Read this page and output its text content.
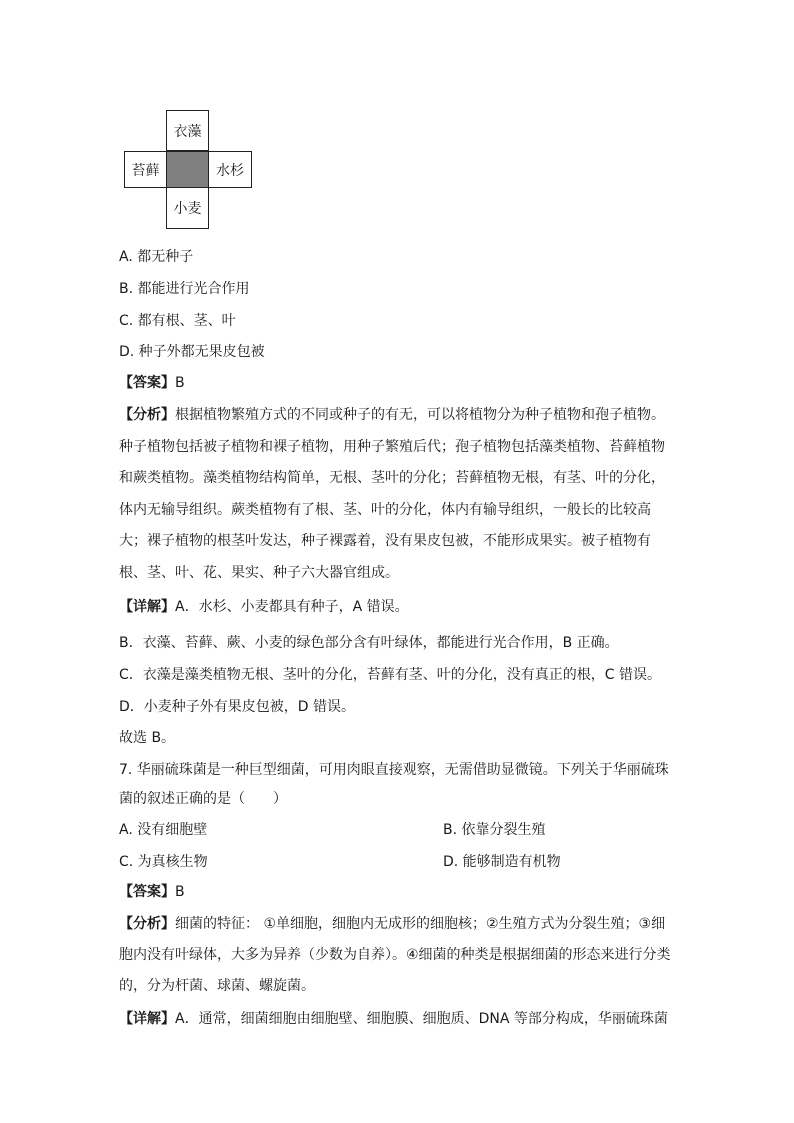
衣藻
苔藓	水杉
小麦
A. 都无种子
B. 都能进行光合作用
C. 都有根、茎、叶
D. 种子外都无果皮包被
【答案】B
【分析】根据植物繁殖方式的不同或种子的有无，可以将植物分为种子植物和孢子植物。
种子植物包括被子植物和裸子植物，用种子繁殖后代；孢子植物包括藻类植物、苔藓植物
和蕨类植物。藻类植物结构简单，无根、茎叶的分化；苔藓植物无根，有茎、叶的分化，
体内无输导组织。蕨类植物有了根、茎、叶的分化，体内有输导组织，一般长的比较高
大；裸子植物的根茎叶发达，种子裸露着，没有果皮包被，不能形成果实。被子植物有
根、茎、叶、花、果实、种子六大器官组成。
【详解】A．水杉、小麦都具有种子，A 错误。
B．衣藻、苔藓、蕨、小麦的绿色部分含有叶绿体，都能进行光合作用，B 正确。
C．衣藻是藻类植物无根、茎叶的分化，苔藓有茎、叶的分化，没有真正的根，C 错误。
D．小麦种子外有果皮包被，D 错误。
故选 B。
7. 华丽硫珠菌是一种巨型细菌，可用肉眼直接观察，无需借助显微镜。下列关于华丽硫珠
菌的叙述正确的是（　　）
A. 没有细胞壁	B. 依靠分裂生殖
C. 为真核生物	D. 能够制造有机物
【答案】B
【分析】细菌的特征： ①单细胞，细胞内无成形的细胞核；②生殖方式为分裂生殖；③细
胞内没有叶绿体，大多为异养（少数为自养）。④细菌的种类是根据细菌的形态来进行分类
的，分为杆菌、球菌、螺旋菌。
【详解】A．通常，细菌细胞由细胞壁、细胞膜、细胞质、DNA 等部分构成，华丽硫珠菌
